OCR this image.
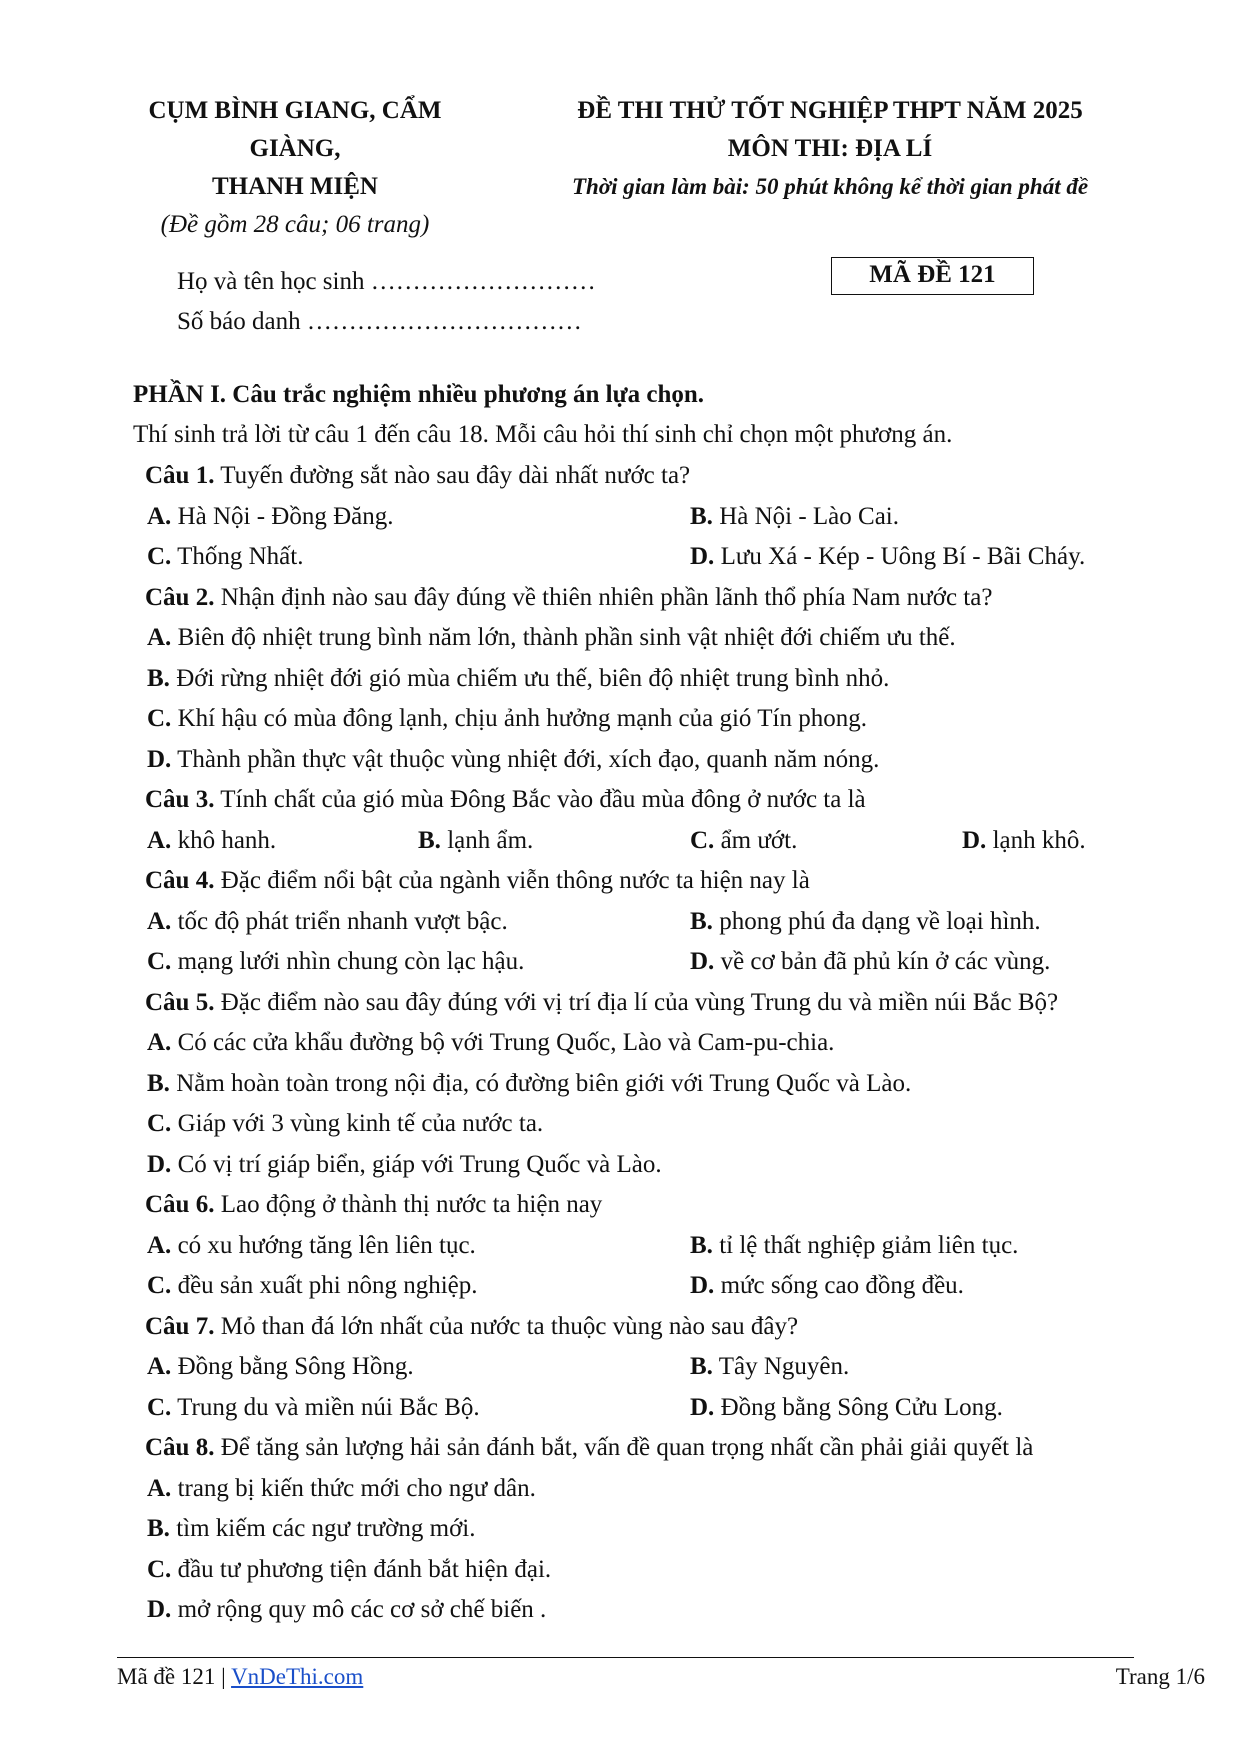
CỤM BÌNH GIANG, CẨM GIÀNG,
THANH MIỆN
(Đề gồm 28 câu; 06 trang)
ĐỀ THI THỬ TỐT NGHIỆP THPT NĂM 2025
MÔN THI: ĐỊA LÍ
Thời gian làm bài: 50 phút không kể thời gian phát đề
Họ và tên học sinh ………………………
Số báo danh ……………………………
MÃ ĐỀ 121
PHẦN I. Câu trắc nghiệm nhiều phương án lựa chọn.
Thí sinh trả lời từ câu 1 đến câu 18. Mỗi câu hỏi thí sinh chỉ chọn một phương án.
Câu 1. Tuyến đường sắt nào sau đây dài nhất nước ta?
A. Hà Nội - Đồng Đăng.	B. Hà Nội - Lào Cai.
C. Thống Nhất.	D. Lưu Xá - Kép - Uông Bí - Bãi Cháy.
Câu 2. Nhận định nào sau đây đúng về thiên nhiên phần lãnh thổ phía Nam nước ta?
A. Biên độ nhiệt trung bình năm lớn, thành phần sinh vật nhiệt đới chiếm ưu thế.
B. Đới rừng nhiệt đới gió mùa chiếm ưu thế, biên độ nhiệt trung bình nhỏ.
C. Khí hậu có mùa đông lạnh, chịu ảnh hưởng mạnh của gió Tín phong.
D. Thành phần thực vật thuộc vùng nhiệt đới, xích đạo, quanh năm nóng.
Câu 3. Tính chất của gió mùa Đông Bắc vào đầu mùa đông ở nước ta là
A. khô hanh.	B. lạnh ẩm.	C. ẩm ướt.	D. lạnh khô.
Câu 4. Đặc điểm nổi bật của ngành viễn thông nước ta hiện nay là
A. tốc độ phát triển nhanh vượt bậc.	B. phong phú đa dạng về loại hình.
C. mạng lưới nhìn chung còn lạc hậu.	D. về cơ bản đã phủ kín ở các vùng.
Câu 5. Đặc điểm nào sau đây đúng với vị trí địa lí của vùng Trung du và miền núi Bắc Bộ?
A. Có các cửa khẩu đường bộ với Trung Quốc, Lào và Cam-pu-chia.
B. Nằm hoàn toàn trong nội địa, có đường biên giới với Trung Quốc và Lào.
C. Giáp với 3 vùng kinh tế của nước ta.
D. Có vị trí giáp biển, giáp với Trung Quốc và Lào.
Câu 6. Lao động ở thành thị nước ta hiện nay
A. có xu hướng tăng lên liên tục.	B. tỉ lệ thất nghiệp giảm liên tục.
C. đều sản xuất phi nông nghiệp.	D. mức sống cao đồng đều.
Câu 7. Mỏ than đá lớn nhất của nước ta thuộc vùng nào sau đây?
A. Đồng bằng Sông Hồng.	B. Tây Nguyên.
C. Trung du và miền núi Bắc Bộ.	D. Đồng bằng Sông Cửu Long.
Câu 8. Để tăng sản lượng hải sản đánh bắt, vấn đề quan trọng nhất cần phải giải quyết là
A. trang bị kiến thức mới cho ngư dân.
B. tìm kiếm các ngư trường mới.
C. đầu tư phương tiện đánh bắt hiện đại.
D. mở rộng quy mô các cơ sở chế biến .
Mã đề 121 | VnDeThi.com	Trang 1/6
